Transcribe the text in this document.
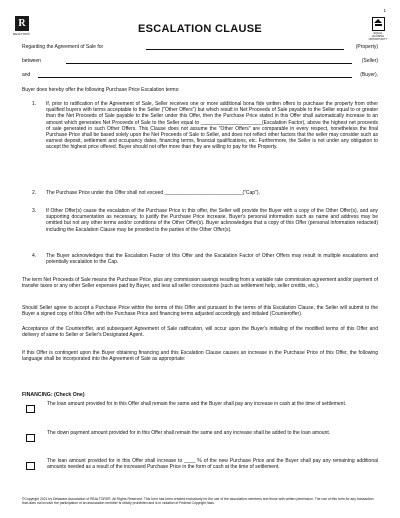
1
R
REALTOR®	EQUAL HOUSING OPPORTUNITY
ESCALATION CLAUSE
Regarding the Agreement of Sale for	(Property)
between	(Seller)
and	(Buyer),
Buyer does hereby offer the following Purchase Price Escalation terms:
1. If, prior to ratification of the Agreement of Sale, Seller receives one or more additional bona fide written offers to purchase the property from other qualified buyers with terms acceptable to the Seller ("Other Offers") but which result in Net Proceeds of Sale payable to the Seller equal to or greater than the Net Proceeds of Sale payable to the Seller under this Offer, then the Purchase Price stated in this Offer shall automatically increase to an amount which generates Net Proceeds of Sale to the Seller equal to ______________________(Escalation Factor), above the highest net proceeds of sale generated in such Other Offers. This Clause does not assume the "Other Offers" are comparable in every respect, nonetheless the final Purchase Price shall be based solely upon the Net Proceeds of Sale to Seller, and does not reflect other factors that the seller may consider such as earnest deposit, settlement and occupancy dates, financing terms, financial qualifications, etc. Furthermore, the Seller is not under any obligation to accept the highest price offered. Buyer should not offer more than they are willing to pay for the Property.
2. The Purchase Price under this Offer shall not exceed ____________________________("Cap").
3. If Other Offer(s) cause the escalation of the Purchase Price in this offer, the Seller will provide the Buyer with a copy of the Other Offer(s), and any supporting documentation as necessary, to justify the Purchase Price increase. Buyer's personal information such as name and address may be omitted but not any other terms and/or conditions of the Other Offer(s). Buyer acknowledges that a copy of this Offer (personal information redacted) including the Escalation Clause may be provided to the parties of the Other Offer(s).
4. The Buyer acknowledges that the Escalation Factor of this Offer and the Escalation Factor of Other Offers may result in multiple escalations and potentially escalation to the Cap.
The term Net Proceeds of Sale means the Purchase Price, plus any commission savings resulting from a variable rate commission agreement and/or payment of transfer taxes or any other Seller expenses paid by Buyer, and less all seller concessions (such as settlement help, seller credits, etc.).
Should Seller agree to accept a Purchase Price within the terms of this Offer and pursuant to the terms of this Escalation Clause, the Seller will submit to the Buyer a signed copy of this Offer with the Purchase Price and financing terms adjusted accordingly and initialed (Counteroffer).
Acceptance of the Counteroffer, and subsequent Agreement of Sale ratification, will occur upon the Buyer's initialing of the modified terms of this Offer and delivery of same to Seller or Seller's Designated Agent.
If this Offer is contingent upon the Buyer obtaining financing and this Escalation Clause causes an increase in the Purchase Price of this Offer, the following language shall be incorporated into the Agreement of Sale as appropriate:
FINANCING: (Check One)
The loan amount provided for in this Offer shall remain the same and the Buyer shall pay any increase in cash at the time of settlement.
The down payment amount provided for in this Offer shall remain the same and any increase shall be added to the loan amount.
The loan amount provided for in this Offer shall increase to ____ % of the new Purchase Price and the Buyer shall pay any remaining additional amounts needed as a result of the increased Purchase Price in the form of cash at the time of settlement.
©Copyright 2021 by Delaware Association of REALTORS®. All Rights Reserved. This form has been created exclusively for the use of the association members and those with written permission. The use of this form for any transaction that does not involve the participation of an association member is strictly prohibited and is in violation of Federal Copyright laws.
